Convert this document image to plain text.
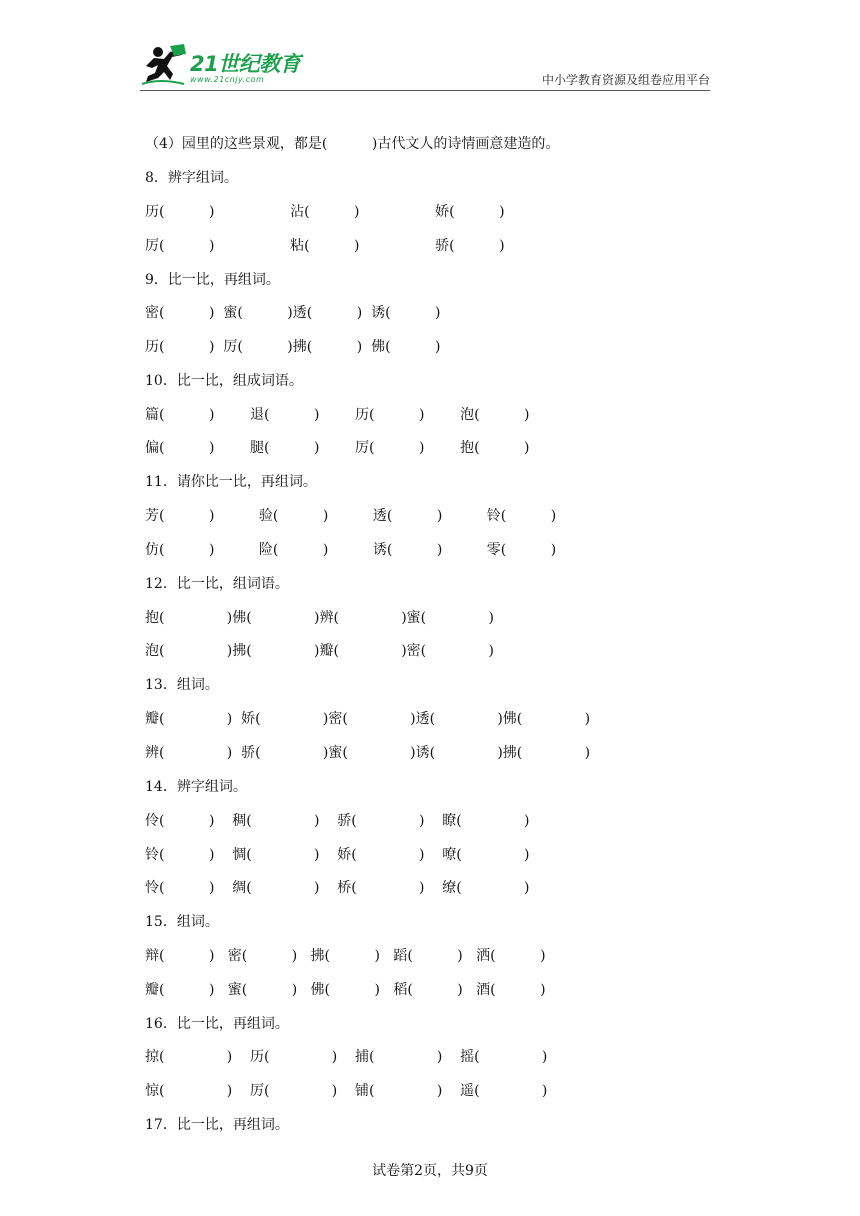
21世纪教育
www.21cnjy.com	中小学教育资源及组卷应用平台
（4）园里的这些景观，都是(          )古代文人的诗情画意建造的。
8．辨字组词。
历(          )                 沾(          )                 娇(          )
厉(          )                 粘(          )                 骄(          )
9．比一比，再组词。
密(          )  蜜(          )透(          )  诱(          )
历(          )  厉(          )拂(          )  佛(          )
10．比一比，组成词语。
篇(          )        退(          )        历(          )        泡(          )
偏(          )        腿(          )        厉(          )        抱(          )
11．请你比一比，再组词。
芳(          )          验(          )          透(          )          铃(          )
仿(          )          险(          )          诱(          )          零(          )
12．比一比，组词语。
抱(              )佛(              )辨(              )蜜(              )
泡(              )拂(              )瓣(              )密(              )
13．组词。
瓣(              )  娇(              )密(              )透(              )佛(              )
辨(              )  骄(              )蜜(              )诱(              )拂(              )
14．辨字组词。
伶(          )    稠(              )    骄(              )    瞭(              )
铃(          )    惆(              )    娇(              )    嘹(              )
怜(          )    绸(              )    桥(              )    缭(              )
15．组词。
辩(          )   密(          )   拂(          )   蹈(          )   洒(          )
瓣(          )   蜜(          )   佛(          )   稻(          )   酒(          )
16．比一比，再组词。
掠(              )    历(              )    捕(              )    摇(              )
惊(              )    厉(              )    铺(              )    遥(              )
17．比一比，再组词。
试卷第2页，共9页
